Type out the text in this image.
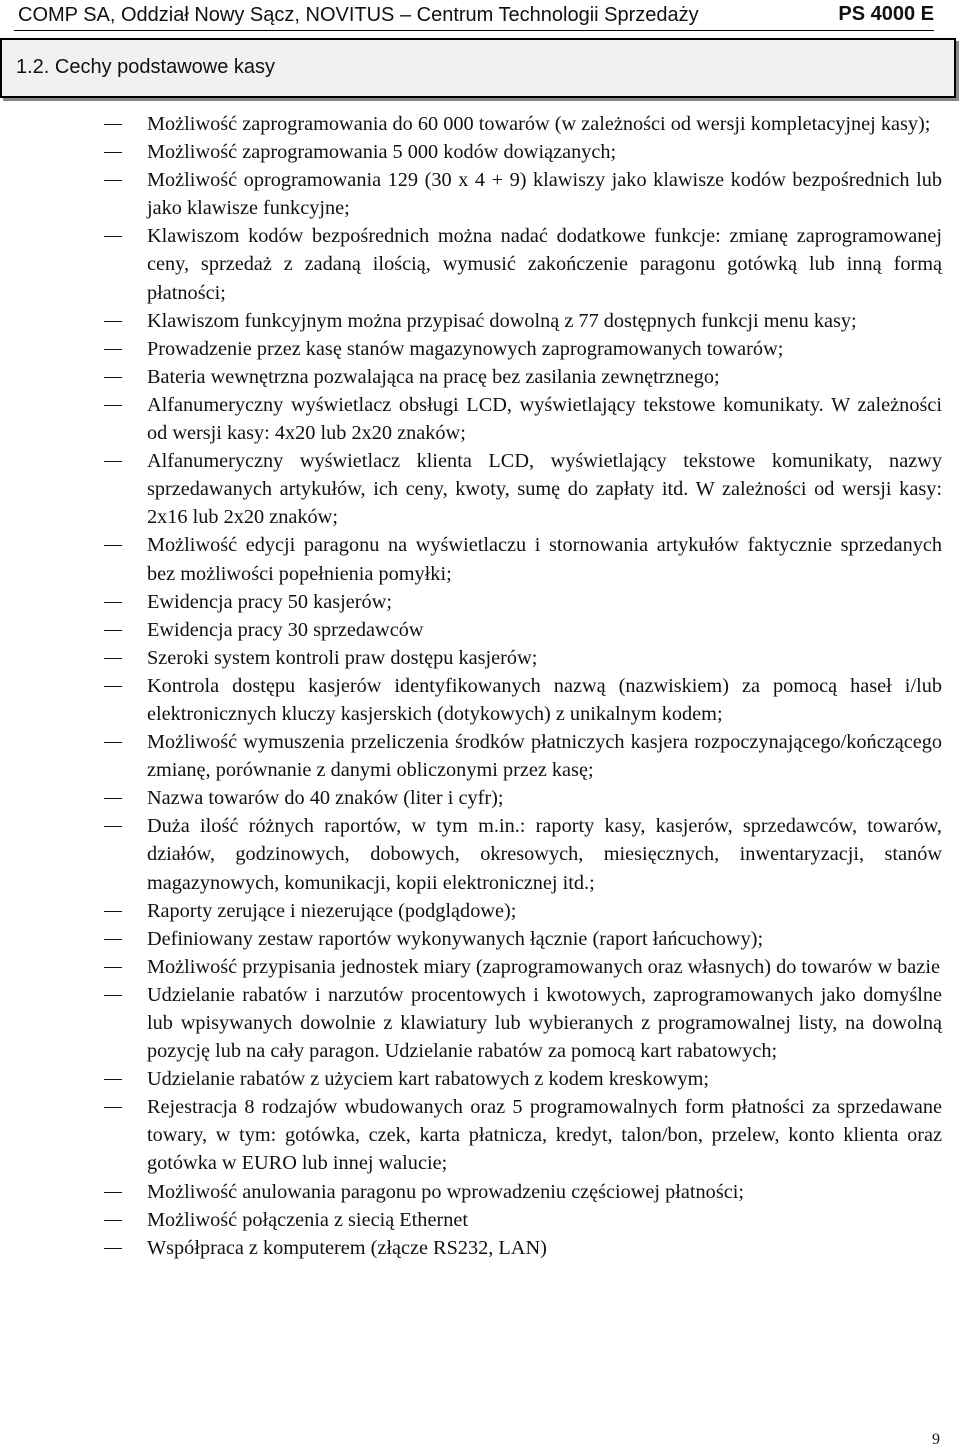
COMP SA, Oddział Nowy Sącz, NOVITUS – Centrum Technologii Sprzedaży	PS 4000 E
1.2. Cechy podstawowe kasy
Możliwość zaprogramowania do 60 000 towarów (w zależności od wersji kompletacyjnej kasy);
Możliwość zaprogramowania 5 000 kodów dowiązanych;
Możliwość oprogramowania 129 (30 x 4 + 9) klawiszy jako klawisze kodów bezpośrednich lub jako klawisze funkcyjne;
Klawiszom kodów bezpośrednich można nadać dodatkowe funkcje: zmianę zaprogramowanej ceny, sprzedaż z zadaną ilością, wymusić zakończenie paragonu gotówką lub inną formą płatności;
Klawiszom funkcyjnym można przypisać dowolną z 77 dostępnych funkcji menu kasy;
Prowadzenie przez kasę stanów magazynowych zaprogramowanych towarów;
Bateria wewnętrzna pozwalająca na pracę bez zasilania zewnętrznego;
Alfanumeryczny wyświetlacz obsługi LCD, wyświetlający tekstowe komunikaty. W zależności od wersji kasy: 4x20 lub 2x20 znaków;
Alfanumeryczny wyświetlacz klienta LCD, wyświetlający tekstowe komunikaty, nazwy sprzedawanych artykułów, ich ceny, kwoty, sumę do zapłaty itd. W zależności od wersji kasy: 2x16 lub 2x20 znaków;
Możliwość edycji paragonu na wyświetlaczu i stornowania artykułów faktycznie sprzedanych bez możliwości popełnienia pomyłki;
Ewidencja pracy 50 kasjerów;
Ewidencja pracy 30 sprzedawców
Szeroki system kontroli praw dostępu kasjerów;
Kontrola dostępu kasjerów identyfikowanych nazwą (nazwiskiem) za pomocą haseł i/lub elektronicznych kluczy kasjerskich (dotykowych) z unikalnym kodem;
Możliwość wymuszenia przeliczenia środków płatniczych kasjera rozpoczynającego/kończącego zmianę, porównanie z danymi obliczonymi przez kasę;
Nazwa towarów do 40 znaków (liter i cyfr);
Duża ilość różnych raportów, w tym m.in.: raporty kasy, kasjerów, sprzedawców, towarów, działów, godzinowych, dobowych, okresowych, miesięcznych, inwentaryzacji, stanów magazynowych, komunikacji, kopii elektronicznej itd.;
Raporty zerujące i niezerujące (podglądowe);
Definiowany zestaw raportów wykonywanych łącznie (raport łańcuchowy);
Możliwość przypisania jednostek miary (zaprogramowanych oraz własnych) do towarów w bazie
Udzielanie rabatów i narzutów procentowych i kwotowych, zaprogramowanych jako domyślne lub wpisywanych dowolnie z klawiatury lub wybieranych z programowalnej listy, na dowolną pozycję lub na cały paragon. Udzielanie rabatów za pomocą kart rabatowych;
Udzielanie rabatów z użyciem kart rabatowych z kodem kreskowym;
Rejestracja 8 rodzajów wbudowanych oraz 5 programowalnych form płatności za sprzedawane towary, w tym: gotówka, czek, karta płatnicza, kredyt, talon/bon, przelew, konto klienta oraz gotówka w EURO lub innej walucie;
Możliwość anulowania paragonu po wprowadzeniu częściowej płatności;
Możliwość połączenia z siecią Ethernet
Współpraca z komputerem (złącze RS232, LAN)
9
